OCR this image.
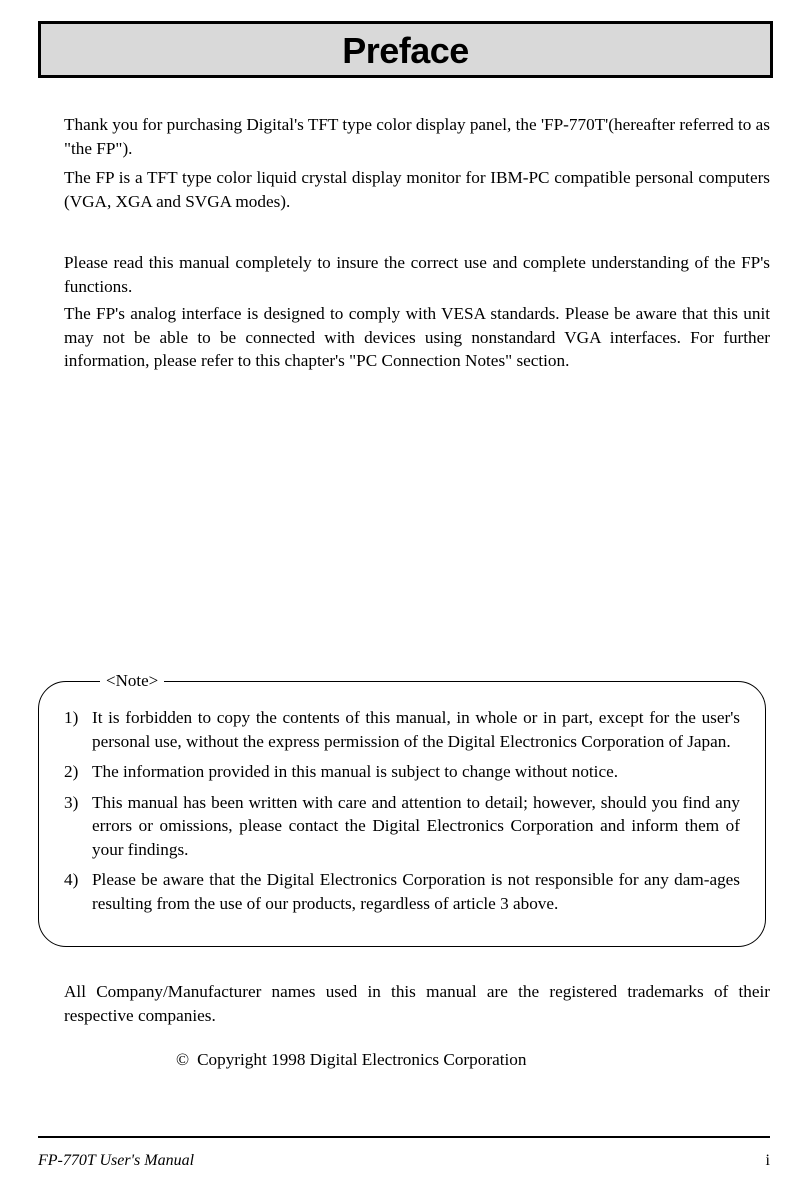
Preface

Thank you for purchasing Digital's TFT type color display panel, the 'FP-770T'(hereafter referred to as "the FP").

The FP is a TFT type color liquid crystal display monitor for IBM-PC compatible personal computers (VGA, XGA and SVGA modes).

Please read this manual completely to insure the correct use and complete understanding of the FP's functions.

The FP's analog interface is designed to comply with VESA standards. Please be aware that this unit may not be able to be connected with devices using nonstandard VGA interfaces. For further information, please refer to this chapter's "PC Connection Notes" section.

<Note>
1) It is forbidden to copy the contents of this manual, in whole or in part, except for the user's personal use, without the express permission of the Digital Electronics Corporation of Japan.
2) The information provided in this manual is subject to change without notice.
3) This manual has been written with care and attention to detail; however, should you find any errors or omissions, please contact the Digital Electronics Corporation and inform them of your findings.
4) Please be aware that the Digital Electronics Corporation is not responsible for any dam-ages resulting from the use of our products, regardless of article 3 above.

All Company/Manufacturer names used in this manual are the registered trademarks of their respective companies.

© Copyright 1998 Digital Electronics Corporation
FP-770T User's Manual	i
